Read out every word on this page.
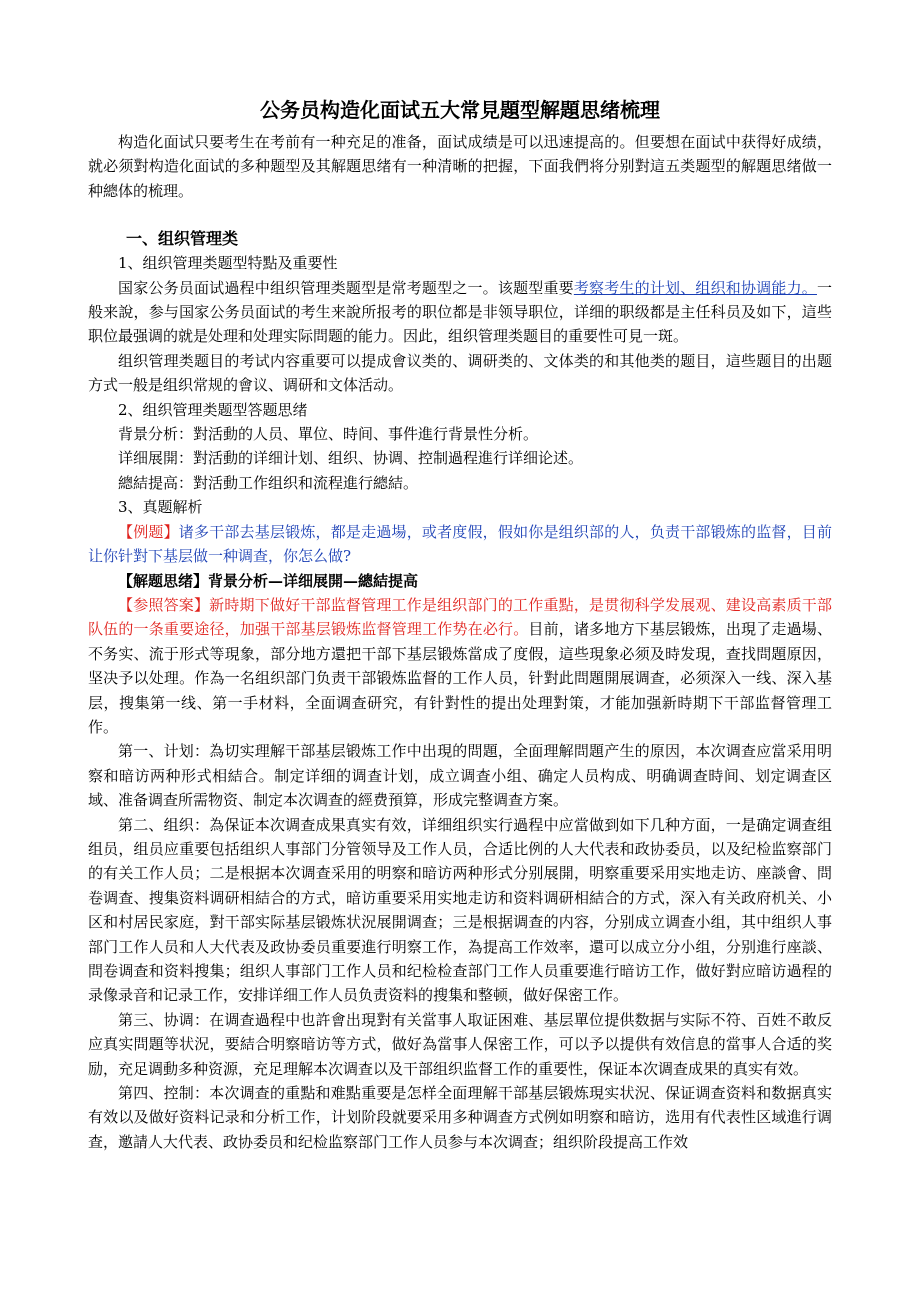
公务员构造化面试五大常見題型解題思绪梳理

构造化面试只要考生在考前有一种充足的准备，面试成绩是可以迅速提高的。但要想在面试中获得好成绩，就必须對构造化面试的多种题型及其解題思绪有一种清晰的把握，下面我們将分别對這五类题型的解題思绪做一种總体的梳理。

一、组织管理类

1、组织管理类题型特點及重要性

国家公务员面试過程中组织管理类题型是常考题型之一。该题型重要考察考生的计划、组织和协调能力。一般来說，参与国家公务员面试的考生来說所报考的职位都是非领导职位，详细的职级都是主任科员及如下，這些职位最强调的就是处理和处理实际問题的能力。因此，组织管理类题目的重要性可見一斑。

组织管理类题目的考试内容重要可以提成會议类的、调研类的、文体类的和其他类的题目，這些题目的出题方式一般是组织常规的會议、调研和文体活动。

2、组织管理类题型答题思绪

背景分析：對活動的人员、單位、時间、事件進行背景性分析。

详细展開：對活動的详细计划、组织、协调、控制過程進行详细论述。

總結提高：對活動工作组织和流程進行總結。

3、真题解析

【例题】诸多干部去基层锻炼，都是走過場，或者度假，假如你是组织部的人，负责干部锻炼的监督，目前让你针對下基层做一种调查，你怎么做?

【解题思绪】背景分析—详细展開—總結提高

【参照答案】新時期下做好干部监督管理工作是组织部门的工作重點，是贯彻科学发展观、建设高素质干部队伍的一条重要途径，加强干部基层锻炼监督管理工作势在必行。目前，诸多地方下基层锻炼，出現了走過場、不务实、流于形式等現象，部分地方還把干部下基层锻炼當成了度假，這些現象必须及時发現，查找問題原因，坚决予以处理。作為一名组织部门负责干部锻炼监督的工作人员，针對此問題開展调查，必须深入一线、深入基层，搜集第一线、第一手材料，全面调查研究，有针對性的提出处理對策，才能加强新時期下干部监督管理工作。

第一、计划：為切实理解干部基层锻炼工作中出現的問題，全面理解問題产生的原因，本次调查应當采用明察和暗访两种形式相結合。制定详细的调查计划，成立调查小组、确定人员构成、明确调查時间、划定调查区域、准备调查所需物资、制定本次调查的經费預算，形成完整调查方案。

第二、组织：為保证本次调查成果真实有效，详细组织实行過程中应當做到如下几种方面，一是确定调查组组员，组员应重要包括组织人事部门分管领导及工作人员，合适比例的人大代表和政协委员，以及纪检监察部门的有关工作人员；二是根据本次调查采用的明察和暗访两种形式分别展開，明察重要采用实地走访、座談會、問卷调查、搜集资料调研相結合的方式，暗访重要采用实地走访和资料调研相結合的方式，深入有关政府机关、小区和村居民家庭，對干部实际基层锻炼状況展開调查；三是根据调查的内容，分别成立调查小组，其中组织人事部门工作人员和人大代表及政协委员重要進行明察工作，為提高工作效率，還可以成立分小组，分别進行座談、問卷调查和资料搜集；组织人事部门工作人员和纪检检查部门工作人员重要進行暗访工作，做好對应暗访過程的录像录音和记录工作，安排详细工作人员负责资料的搜集和整顿，做好保密工作。

第三、协调：在调查過程中也許會出現對有关當事人取证困难、基层單位提供数据与实际不符、百姓不敢反应真实問題等状況，要結合明察暗访等方式，做好為當事人保密工作，可以予以提供有效信息的當事人合适的奖励，充足调動多种资源，充足理解本次调查以及干部组织监督工作的重要性，保证本次调查成果的真实有效。

第四、控制：本次调查的重點和难點重要是怎样全面理解干部基层锻炼現实状況、保证调查资料和数据真实有效以及做好资料记录和分析工作，计划阶段就要采用多种调查方式例如明察和暗访，选用有代表性区域進行调查，邀請人大代表、政协委员和纪检监察部门工作人员参与本次调查；组织阶段提高工作效
